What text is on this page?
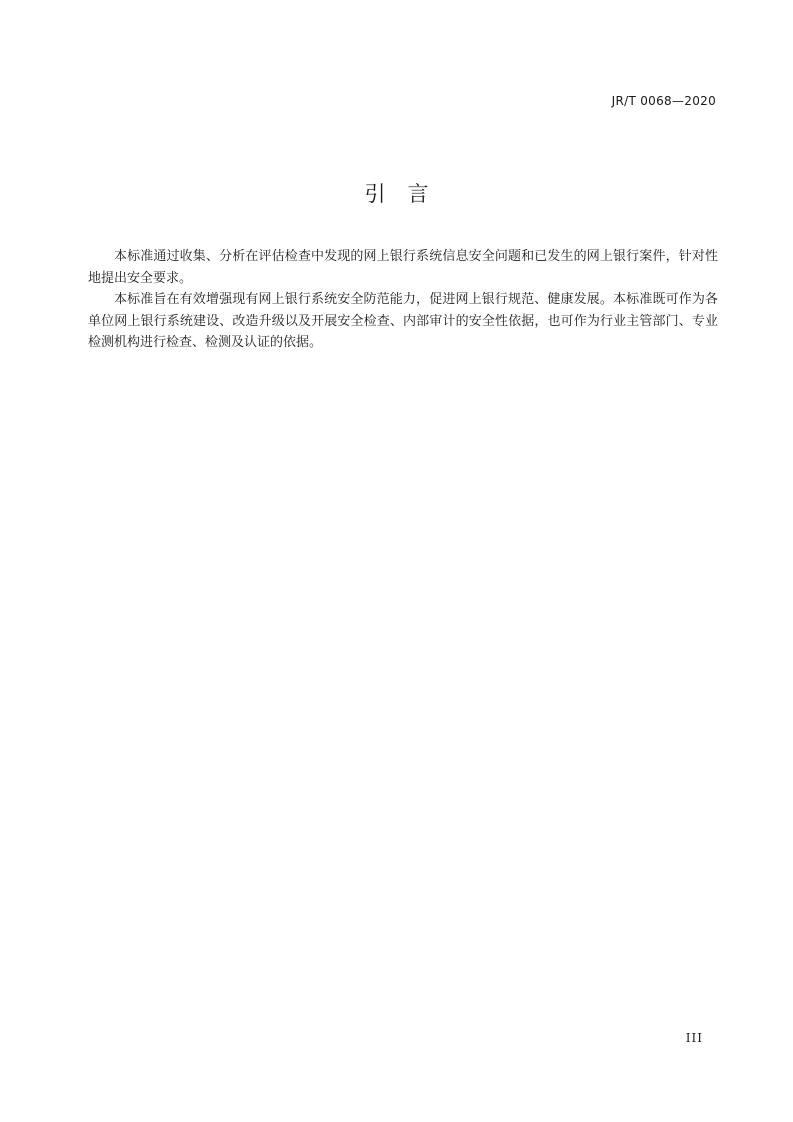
JR/T 0068—2020
引言

本标准通过收集、分析在评估检查中发现的网上银行系统信息安全问题和已发生的网上银行案件，针对性地提出安全要求。

本标准旨在有效增强现有网上银行系统安全防范能力，促进网上银行规范、健康发展。本标准既可作为各单位网上银行系统建设、改造升级以及开展安全检查、内部审计的安全性依据，也可作为行业主管部门、专业检测机构进行检查、检测及认证的依据。

III
